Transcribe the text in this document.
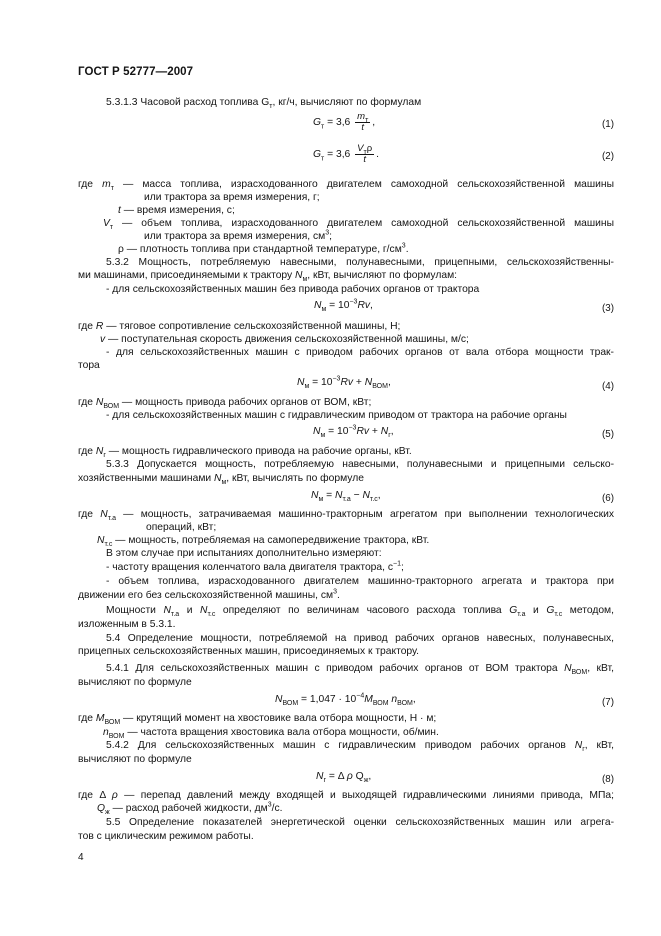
ГОСТ Р 52777—2007
5.3.1.3 Часовой расход топлива $G_т$, кг/ч, вычисляют по формулам
$G_т = 3,6 \frac{m_т}{t}$ ,	(1)
$G_т = 3,6 \frac{V_т\rho}{t}$ .	(2)
где $m_т$ — масса топлива, израсходованного двигателем самоходной сельскохозяйственной машины
или трактора за время измерения, г;
t — время измерения, с;
$V_т$ — объем топлива, израсходованного двигателем самоходной сельскохозяйственной машины
или трактора за время измерения, $см^3$;
ρ — плотность топлива при стандартной температуре, $г/см^3$.
5.3.2 Мощность, потребляемую навесными, полунавесными, прицепными, сельскохозяйственны-
ми машинами, присоединяемыми к трактору $N_м$, кВт, вычисляют по формулам:
- для сельскохозяйственных машин без привода рабочих органов от трактора
$N_м = 10^{-3}Rv$,	(3)
где R — тяговое сопротивление сельскохозяйственной машины, Н;
v — поступательная скорость движения сельскохозяйственной машины, м/с;
- для сельскохозяйственных машин с приводом рабочих органов от вала отбора мощности трак-
тора
$N_м = 10^{-3}Rv + N_{ВОМ}$,	(4)
где $N_{ВОМ}$ — мощность привода рабочих органов от ВОМ, кВт;
- для сельскохозяйственных машин с гидравлическим приводом от трактора на рабочие органы
$N_м = 10^{-3}Rv + N_г$,	(5)
где $N_г$ — мощность гидравлического привода на рабочие органы, кВт.
5.3.3 Допускается мощность, потребляемую навесными, полунавесными и прицепными сельско-
хозяйственными машинами $N_м$, кВт, вычислять по формуле
$N_м = N_{т.а} - N_{т.с}$,	(6)
где $N_{т.а}$ — мощность, затрачиваемая машинно-тракторным агрегатом при выполнении технологических
операций, кВт;
$N_{т.с}$ — мощность, потребляемая на самопередвижение трактора, кВт.
В этом случае при испытаниях дополнительно измеряют:
- частоту вращения коленчатого вала двигателя трактора, $с^{-1}$;
- объем топлива, израсходованного двигателем машинно-тракторного агрегата и трактора при
движении его без сельскохозяйственной машины, $см^3$.
Мощности $N_{т.а}$ и $N_{т.с}$ определяют по величинам часового расхода топлива $G_{т.а}$ и $G_{т.с}$ методом,
изложенным в 5.3.1.
5.4 Определение мощности, потребляемой на привод рабочих органов навесных, полунавесных,
прицепных сельскохозяйственных машин, присоединяемых к трактору.
5.4.1 Для сельскохозяйственных машин с приводом рабочих органов от ВОМ трактора $N_{ВОМ}$, кВт,
вычисляют по формуле
$N_{ВОМ} = 1,047 \cdot 10^{-4}M_{ВОМ}$ $n_{ВОМ}$,	(7)
где $M_{ВОМ}$ — крутящий момент на хвостовике вала отбора мощности, Н · м;
$n_{ВОМ}$ — частота вращения хвостовика вала отбора мощности, об/мин.
5.4.2 Для сельскохозяйственных машин с гидравлическим приводом рабочих органов $N_г$, кВт,
вычисляют по формуле
$N_г = \Delta$ ρ $Q_ж$,	(8)
где Δ ρ — перепад давлений между входящей и выходящей гидравлическими линиями привода, МПа;
$Q_ж$ — расход рабочей жидкости, $дм^3/с$.
5.5 Определение показателей энергетической оценки сельскохозяйственных машин или агрега-
тов с циклическим режимом работы.
4
